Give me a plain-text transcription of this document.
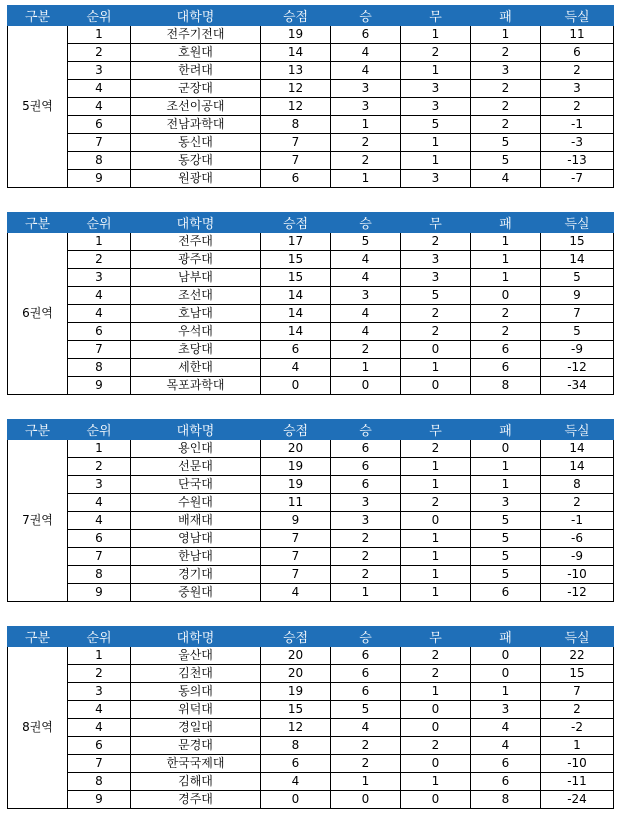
구분	순위	대학명	승점	승	무	패	득실
5권역	1	전주기전대	19	6	1	1	11
	2	호원대	14	4	2	2	6
	3	한려대	13	4	1	3	2
	4	군장대	12	3	3	2	3
	4	조선이공대	12	3	3	2	2
	6	전남과학대	8	1	5	2	-1
	7	동신대	7	2	1	5	-3
	8	동강대	7	2	1	5	-13
	9	원광대	6	1	3	4	-7
구분	순위	대학명	승점	승	무	패	득실
6권역	1	전주대	17	5	2	1	15
	2	광주대	15	4	3	1	14
	3	남부대	15	4	3	1	5
	4	조선대	14	3	5	0	9
	4	호남대	14	4	2	2	7
	6	우석대	14	4	2	2	5
	7	초당대	6	2	0	6	-9
	8	세한대	4	1	1	6	-12
	9	목포과학대	0	0	0	8	-34
구분	순위	대학명	승점	승	무	패	득실
7권역	1	용인대	20	6	2	0	14
	2	선문대	19	6	1	1	14
	3	단국대	19	6	1	1	8
	4	수원대	11	3	2	3	2
	4	배재대	9	3	0	5	-1
	6	영남대	7	2	1	5	-6
	7	한남대	7	2	1	5	-9
	8	경기대	7	2	1	5	-10
	9	중원대	4	1	1	6	-12
구분	순위	대학명	승점	승	무	패	득실
8권역	1	울산대	20	6	2	0	22
	2	김천대	20	6	2	0	15
	3	동의대	19	6	1	1	7
	4	위덕대	15	5	0	3	2
	4	경일대	12	4	0	4	-2
	6	문경대	8	2	2	4	1
	7	한국국제대	6	2	0	6	-10
	8	김해대	4	1	1	6	-11
	9	경주대	0	0	0	8	-24
